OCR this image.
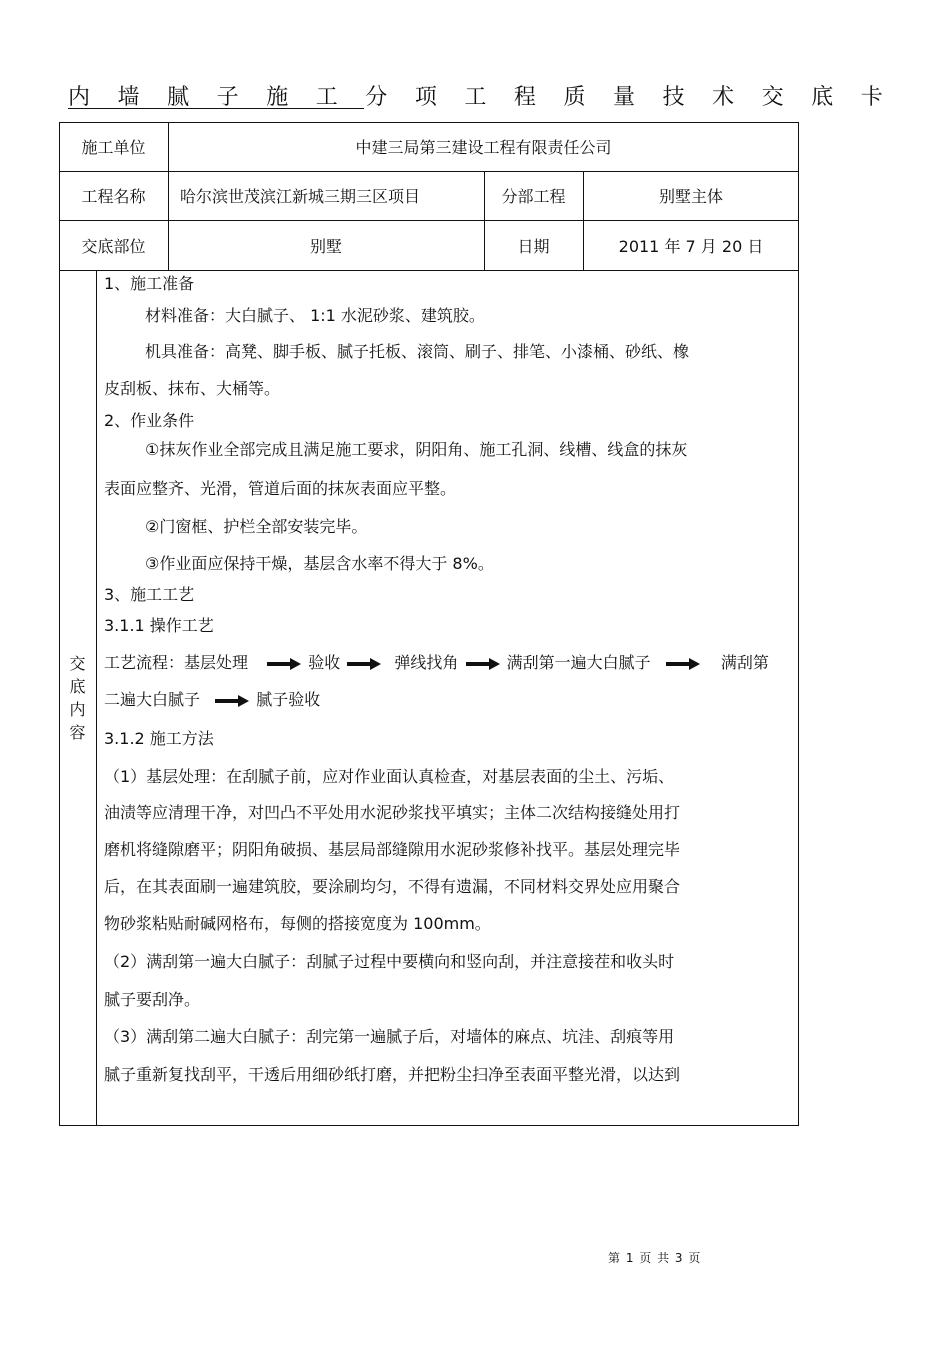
内 墙 腻 子 施 工 分 项 工 程 质 量 技 术 交 底 卡
施工单位	中建三局第三建设工程有限责任公司
工程名称	哈尔滨世茂滨江新城三期三区项目	分部工程	别墅主体
交底部位	别墅	日期	2011 年 7 月 20 日
交
底
内
容
1、施工准备
材料准备：大白腻子、 1:1 水泥砂浆、建筑胶。
机具准备：高凳、脚手板、腻子托板、滚筒、刷子、排笔、小漆桶、砂纸、橡
皮刮板、抹布、大桶等。
2、作业条件
①抹灰作业全部完成且满足施工要求，阴阳角、施工孔洞、线槽、线盒的抹灰
表面应整齐、光滑，管道后面的抹灰表面应平整。
②门窗框、护栏全部安装完毕。
③作业面应保持干燥，基层含水率不得大于 8%。
3、施工工艺
3.1.1 操作工艺
工艺流程：基层处理	验收	弹线找角	满刮第一遍大白腻子	满刮第
二遍大白腻子	腻子验收
3.1.2 施工方法
（1）基层处理：在刮腻子前，应对作业面认真检查，对基层表面的尘土、污垢、
油渍等应清理干净，对凹凸不平处用水泥砂浆找平填实；主体二次结构接缝处用打
磨机将缝隙磨平；阴阳角破损、基层局部缝隙用水泥砂浆修补找平。基层处理完毕
后，在其表面刷一遍建筑胶，要涂刷均匀，不得有遗漏，不同材料交界处应用聚合
物砂浆粘贴耐碱网格布，每侧的搭接宽度为 100mm。
（2）满刮第一遍大白腻子：刮腻子过程中要横向和竖向刮，并注意接茬和收头时
腻子要刮净。
（3）满刮第二遍大白腻子：刮完第一遍腻子后，对墙体的麻点、坑洼、刮痕等用
腻子重新复找刮平，干透后用细砂纸打磨，并把粉尘扫净至表面平整光滑，以达到
第 1 页 共 3 页
